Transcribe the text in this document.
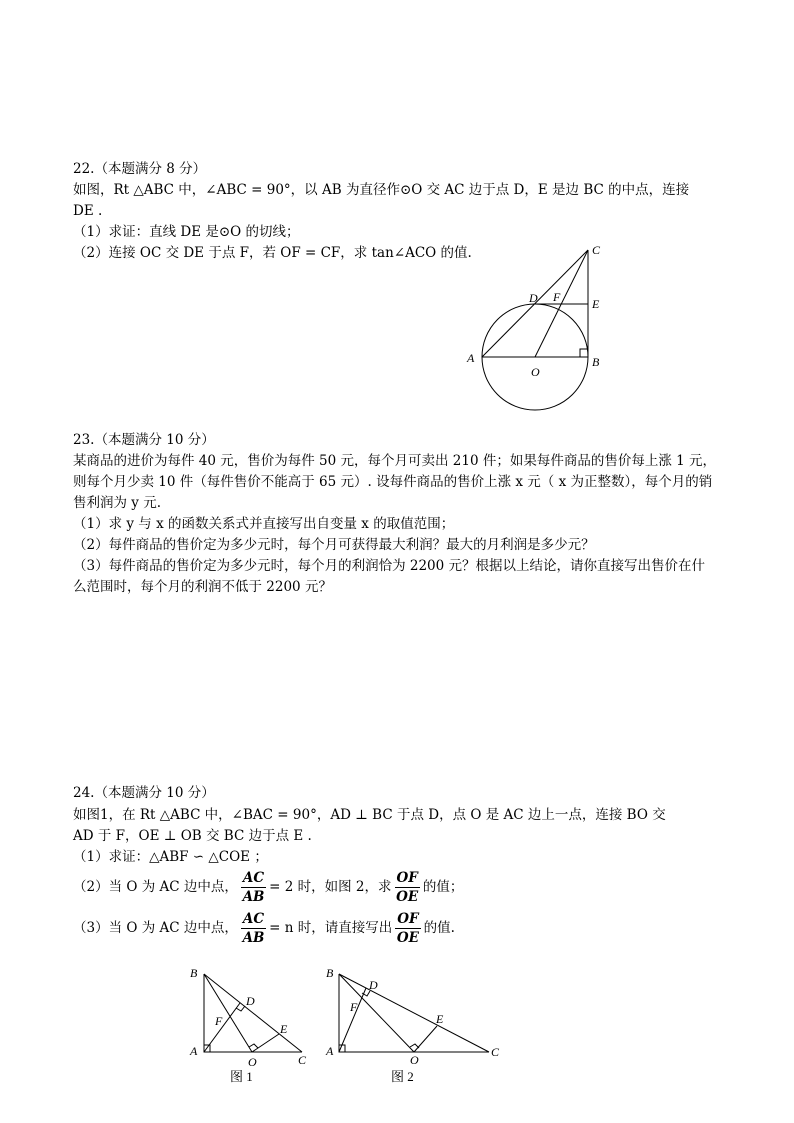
22.（本题满分 8 分）
如图，Rt △ABC 中，∠ABC = 90°，以 AB 为直径作⊙O 交 AC 边于点 D，E 是边 BC 的中点，连接
DE .
（1）求证：直线 DE 是⊙O 的切线；
（2）连接 OC 交 DE 于点 F，若 OF = CF，求 tan∠ACO 的值.
A	B
C
D	E
F
O
23.（本题满分 10 分）
某商品的进价为每件 40 元，售价为每件 50 元，每个月可卖出 210 件；如果每件商品的售价每上涨 1 元，
则每个月少卖 10 件（每件售价不能高于 65 元）. 设每件商品的售价上涨 x 元（ x 为正整数），每个月的销
售利润为 y 元.
（1）求 y 与 x 的函数关系式并直接写出自变量 x 的取值范围；
（2）每件商品的售价定为多少元时，每个月可获得最大利润？最大的月利润是多少元？
（3）每件商品的售价定为多少元时，每个月的利润恰为 2200 元？根据以上结论，请你直接写出售价在什
么范围时，每个月的利润不低于 2200 元？
24.（本题满分 10 分）
如图1，在 Rt △ABC 中，∠BAC = 90°，AD ⊥ BC 于点 D，点 O 是 AC 边上一点，连接 BO 交
AD 于 F，OE ⊥ OB 交 BC 边于点 E .
（1）求证：△ABF ∽ △COE ；
（2）当 O 为 AC 边中点， $\frac{AC}{AB} = 2$ 时，如图 2，求 $\frac{OF}{OE}$ 的值；
（3）当 O 为 AC 边中点， $\frac{AC}{AB} = n$ 时，请直接写出 $\frac{OF}{OE}$ 的值.
B
A
C
D
E
F
O
图 1
B
A	C
D
E
F
O
图 2
